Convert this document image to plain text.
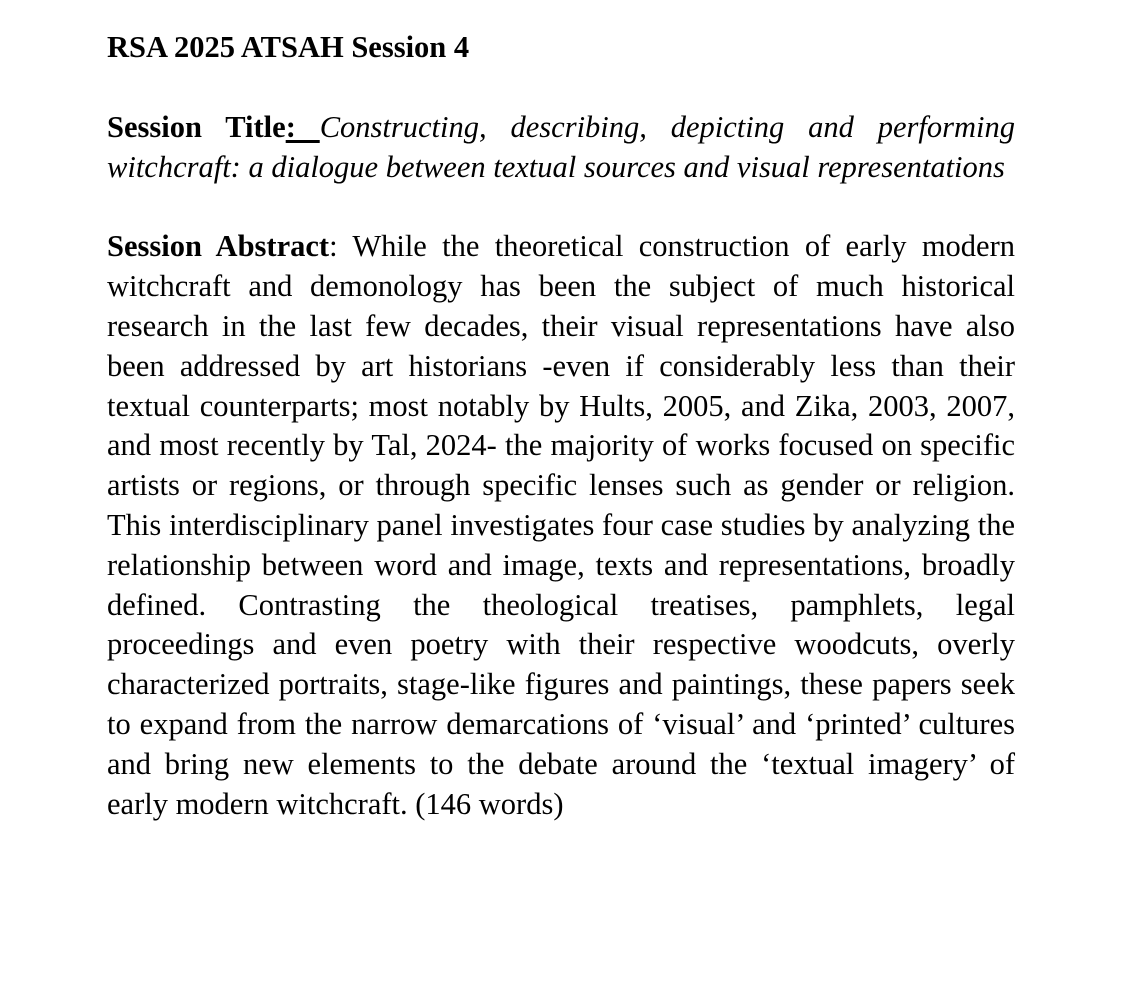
RSA 2025 ATSAH Session 4

Session Title: Constructing, describing, depicting and performing witchcraft: a dialogue between textual sources and visual representations

Session Abstract: While the theoretical construction of early modern witchcraft and demonology has been the subject of much historical research in the last few decades, their visual representations have also been addressed by art historians -even if considerably less than their textual counterparts; most notably by Hults, 2005, and Zika, 2003, 2007, and most recently by Tal, 2024- the majority of works focused on specific artists or regions, or through specific lenses such as gender or religion. This interdisciplinary panel investigates four case studies by analyzing the relationship between word and image, texts and representations, broadly defined. Contrasting the theological treatises, pamphlets, legal proceedings and even poetry with their respective woodcuts, overly characterized portraits, stage-like figures and paintings, these papers seek to expand from the narrow demarcations of ‘visual’ and ‘printed’ cultures and bring new elements to the debate around the ‘textual imagery’ of early modern witchcraft. (146 words)
